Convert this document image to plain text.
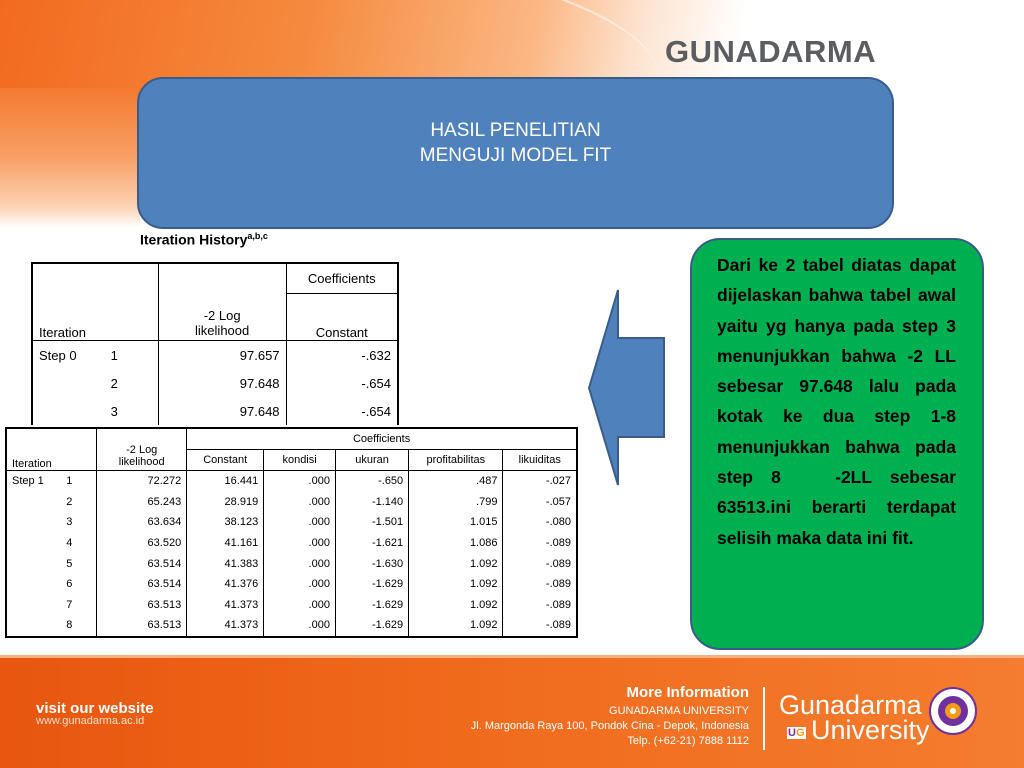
GUNADARMA
HASIL PENELITIAN
MENGUJI MODEL FIT
Iteration History$^{a,b,c}$
Iteration		-2 Log
likelihood	Coefficients
			Constant
Step 0	1	97.657	-.632
	2	97.648	-.654
	3	97.648	-.654
Iteration		-2 Log
likelihood	Coefficients				
			Constant	kondisi	ukuran	profitabilitas	likuiditas
Step 1	1	72.272	16.441	.000	-.650	.487	-.027
	2	65.243	28.919	.000	-1.140	.799	-.057
	3	63.634	38.123	.000	-1.501	1.015	-.080
	4	63.520	41.161	.000	-1.621	1.086	-.089
	5	63.514	41.383	.000	-1.630	1.092	-.089
	6	63.514	41.376	.000	-1.629	1.092	-.089
	7	63.513	41.373	.000	-1.629	1.092	-.089
	8	63.513	41.373	.000	-1.629	1.092	-.089
Dari ke 2 tabel diatas dapat dijelaskan bahwa tabel awal yaitu yg hanya pada step 3 menunjukkan bahwa -2 LL sebesar 97.648 lalu pada kotak ke dua step 1-8 menunjukkan bahwa pada step 8   -2LL sebesar 63513.ini berarti terdapat selisih maka data ini fit.
visit our website
www.gunadarma.ac.id
More Information
GUNADARMA UNIVERSITY
Jl. Margonda Raya 100, Pondok Cina - Depok, Indonesia
Telp. (+62-21) 7888 1112
Gunadarma
University
UG
